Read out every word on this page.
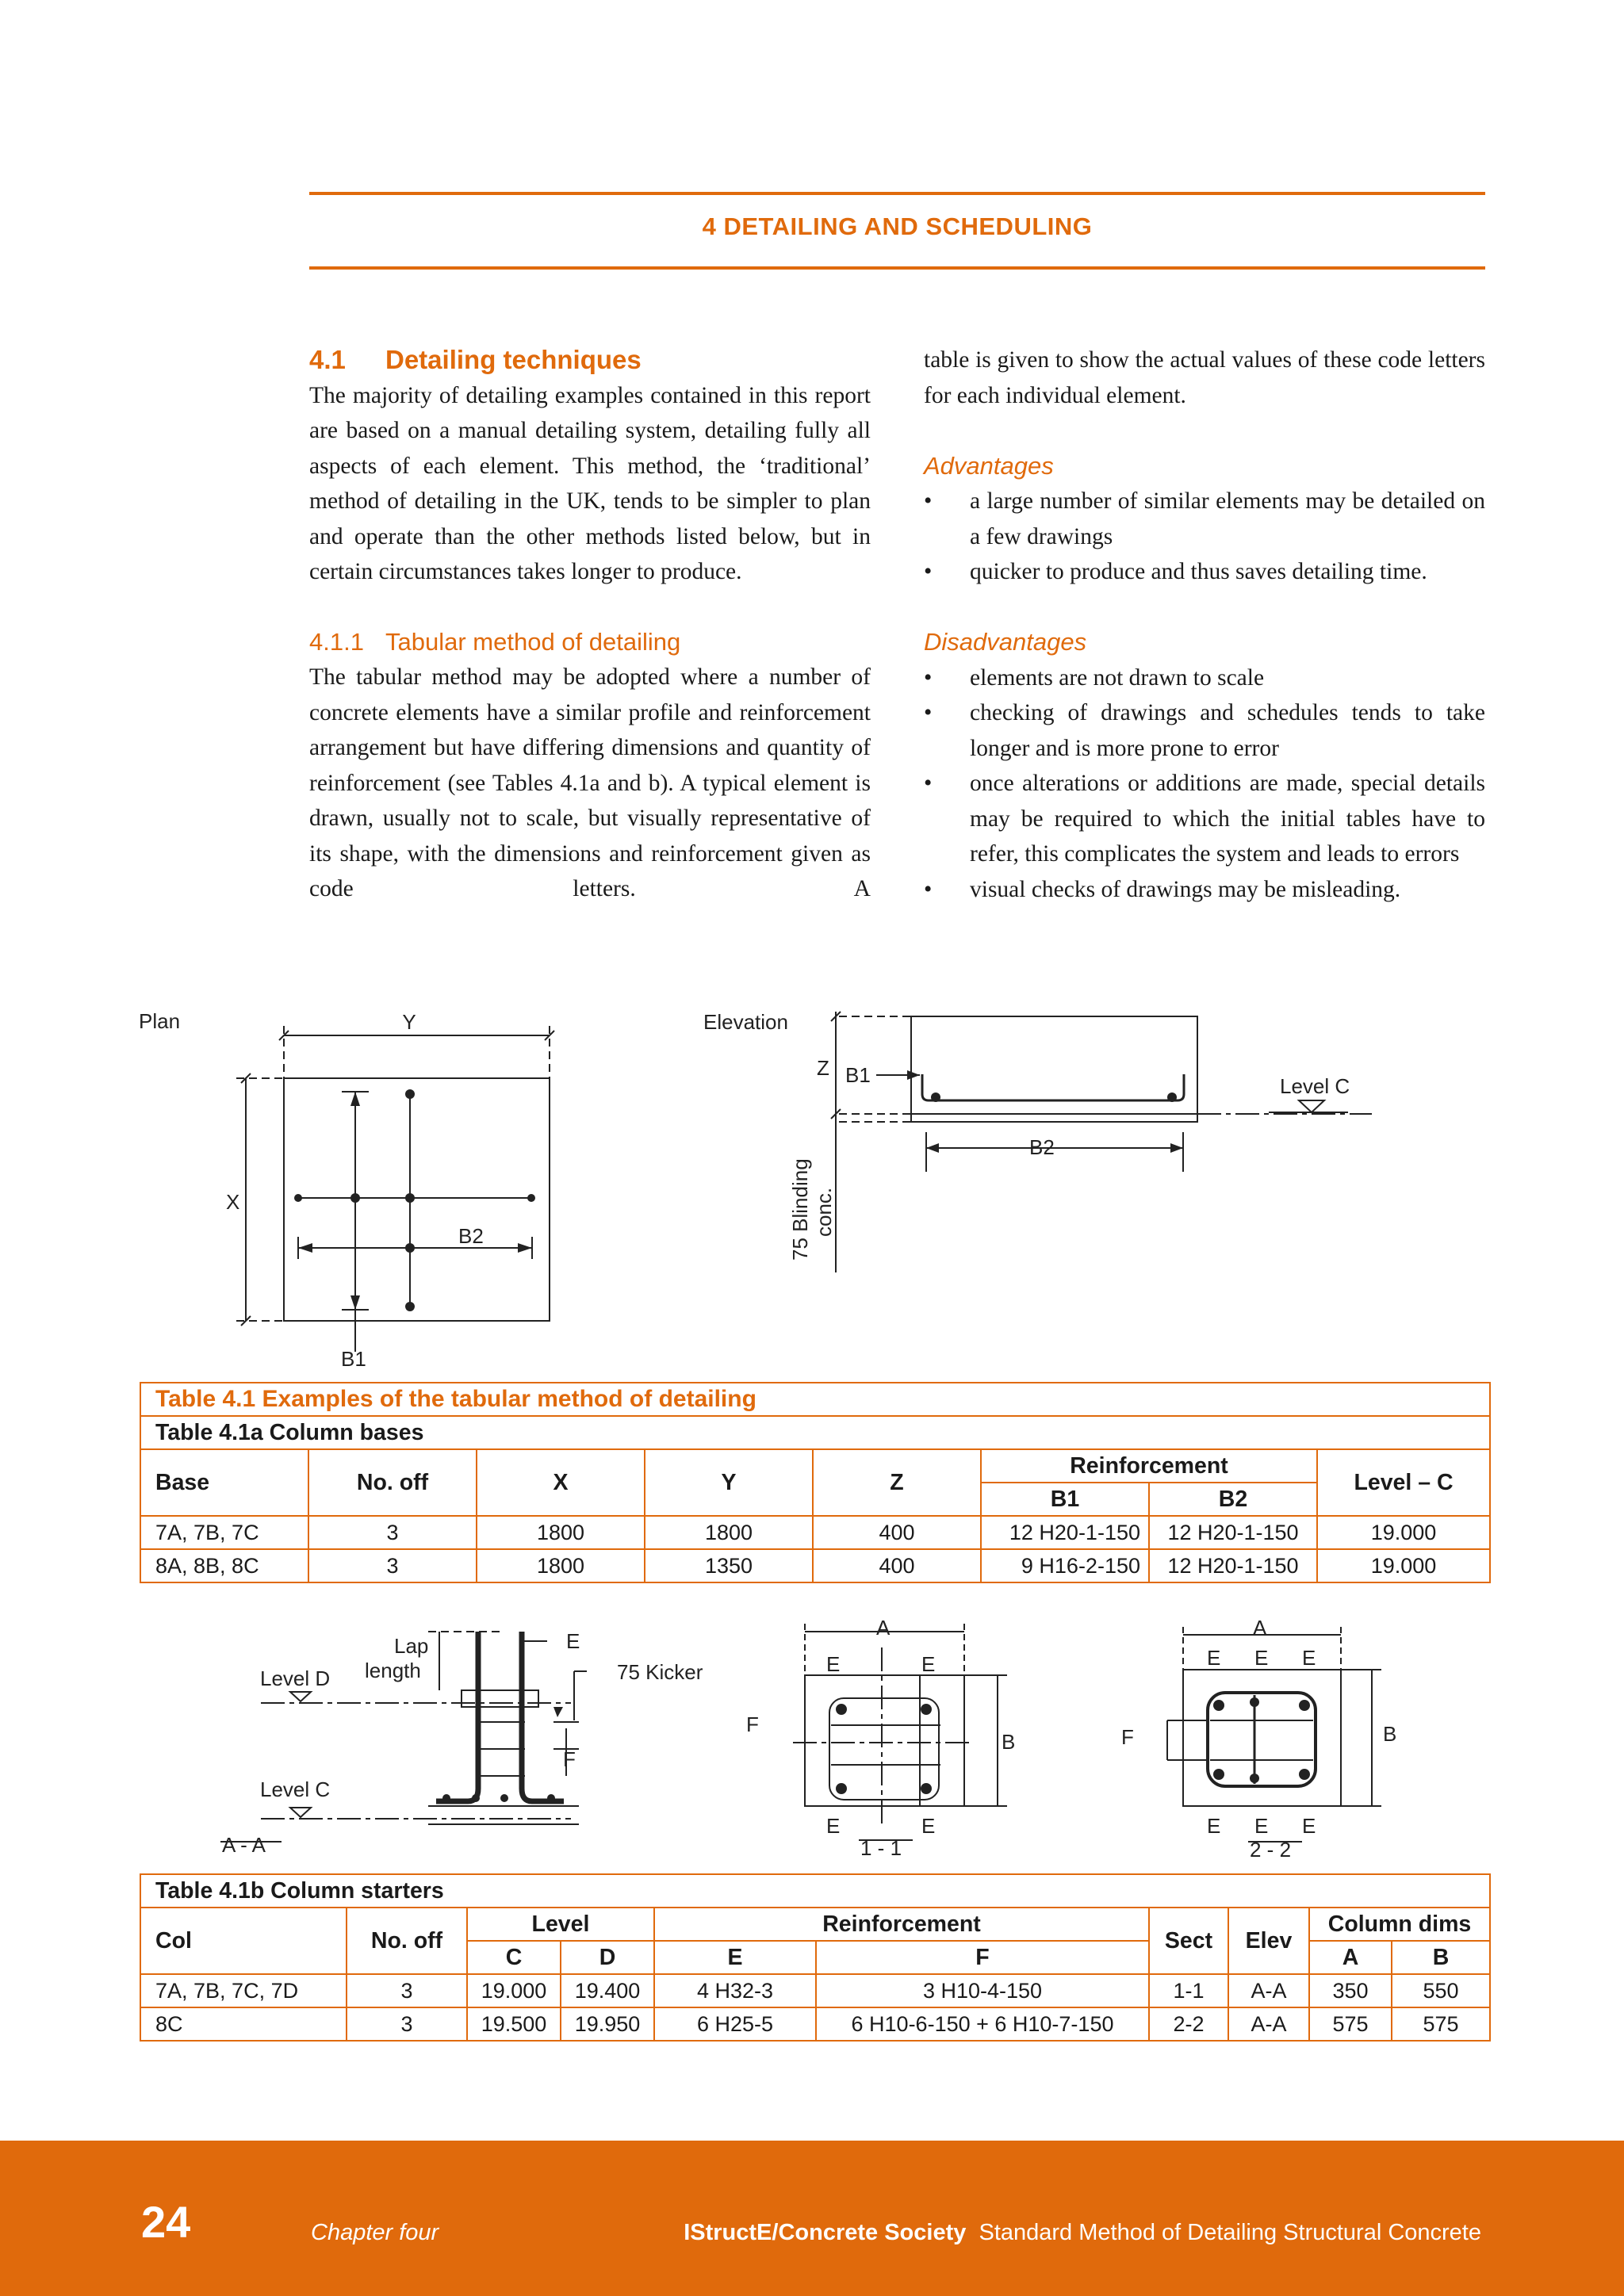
4 DETAILING AND SCHEDULING
4.1 Detailing techniques

The majority of detailing examples contained in this report are based on a manual detailing system, detailing fully all aspects of each element. This method, the ‘traditional’ method of detailing in the UK, tends to be simpler to plan and operate than the other methods listed below, but in certain circumstances takes longer to produce.

4.1.1 Tabular method of detailing

The tabular method may be adopted where a number of concrete elements have a similar profile and reinforcement arrangement but have differing dimensions and quantity of reinforcement (see Tables 4.1a and b). A typical element is drawn, usually not to scale, but visually representative of its shape, with the dimensions and reinforcement given as code letters. A

table is given to show the actual values of these code letters for each individual element.

Advantages
• a large number of similar elements may be detailed on a few drawings
• quicker to produce and thus saves detailing time.
Disadvantages
• elements are not drawn to scale
• checking of drawings and schedules tends to take longer and is more prone to error
• once alterations or additions are made, special details may be required to which the initial tables have to refer, this complicates the system and leads to errors
• visual checks of drawings may be misleading.
Plan	Y
X
B2
B1
Elevation
Z B1
B2
Level C
75 Blinding conc.
Table 4.1 Examples of the tabular method of detailing							
Table 4.1a Column bases							
Base	No. off	X	Y	Z	Reinforcement		Level – C
					B1	B2	
7A, 7B, 7C	3	1800	1800	400	12 H20-1-150	12 H20-1-150	19.000
8A, 8B, 8C	3	1800	1350	400	9 H16-2-150	12 H20-1-150	19.000
Lap
length
E
75 Kicker
Level D
Level C
F
A - A
A
E	E
F
B
E	E
1 - 1
A
E E E
F	B
E E E
2 - 2
Table 4.1b Column starters									
Col	No. off	Level		Reinforcement		Sect	Elev	Column dims	
		C	D	E	F			A	B
7A, 7B, 7C, 7D	3	19.000	19.400	4 H32-3	3 H10-4-150	1-1	A-A	350	550
8C	3	19.500	19.950	6 H25-5	6 H10-6-150 + 6 H10-7-150	2-2	A-A	575	575
24	Chapter four	IStructE/Concrete Society Standard Method of Detailing Structural Concrete
